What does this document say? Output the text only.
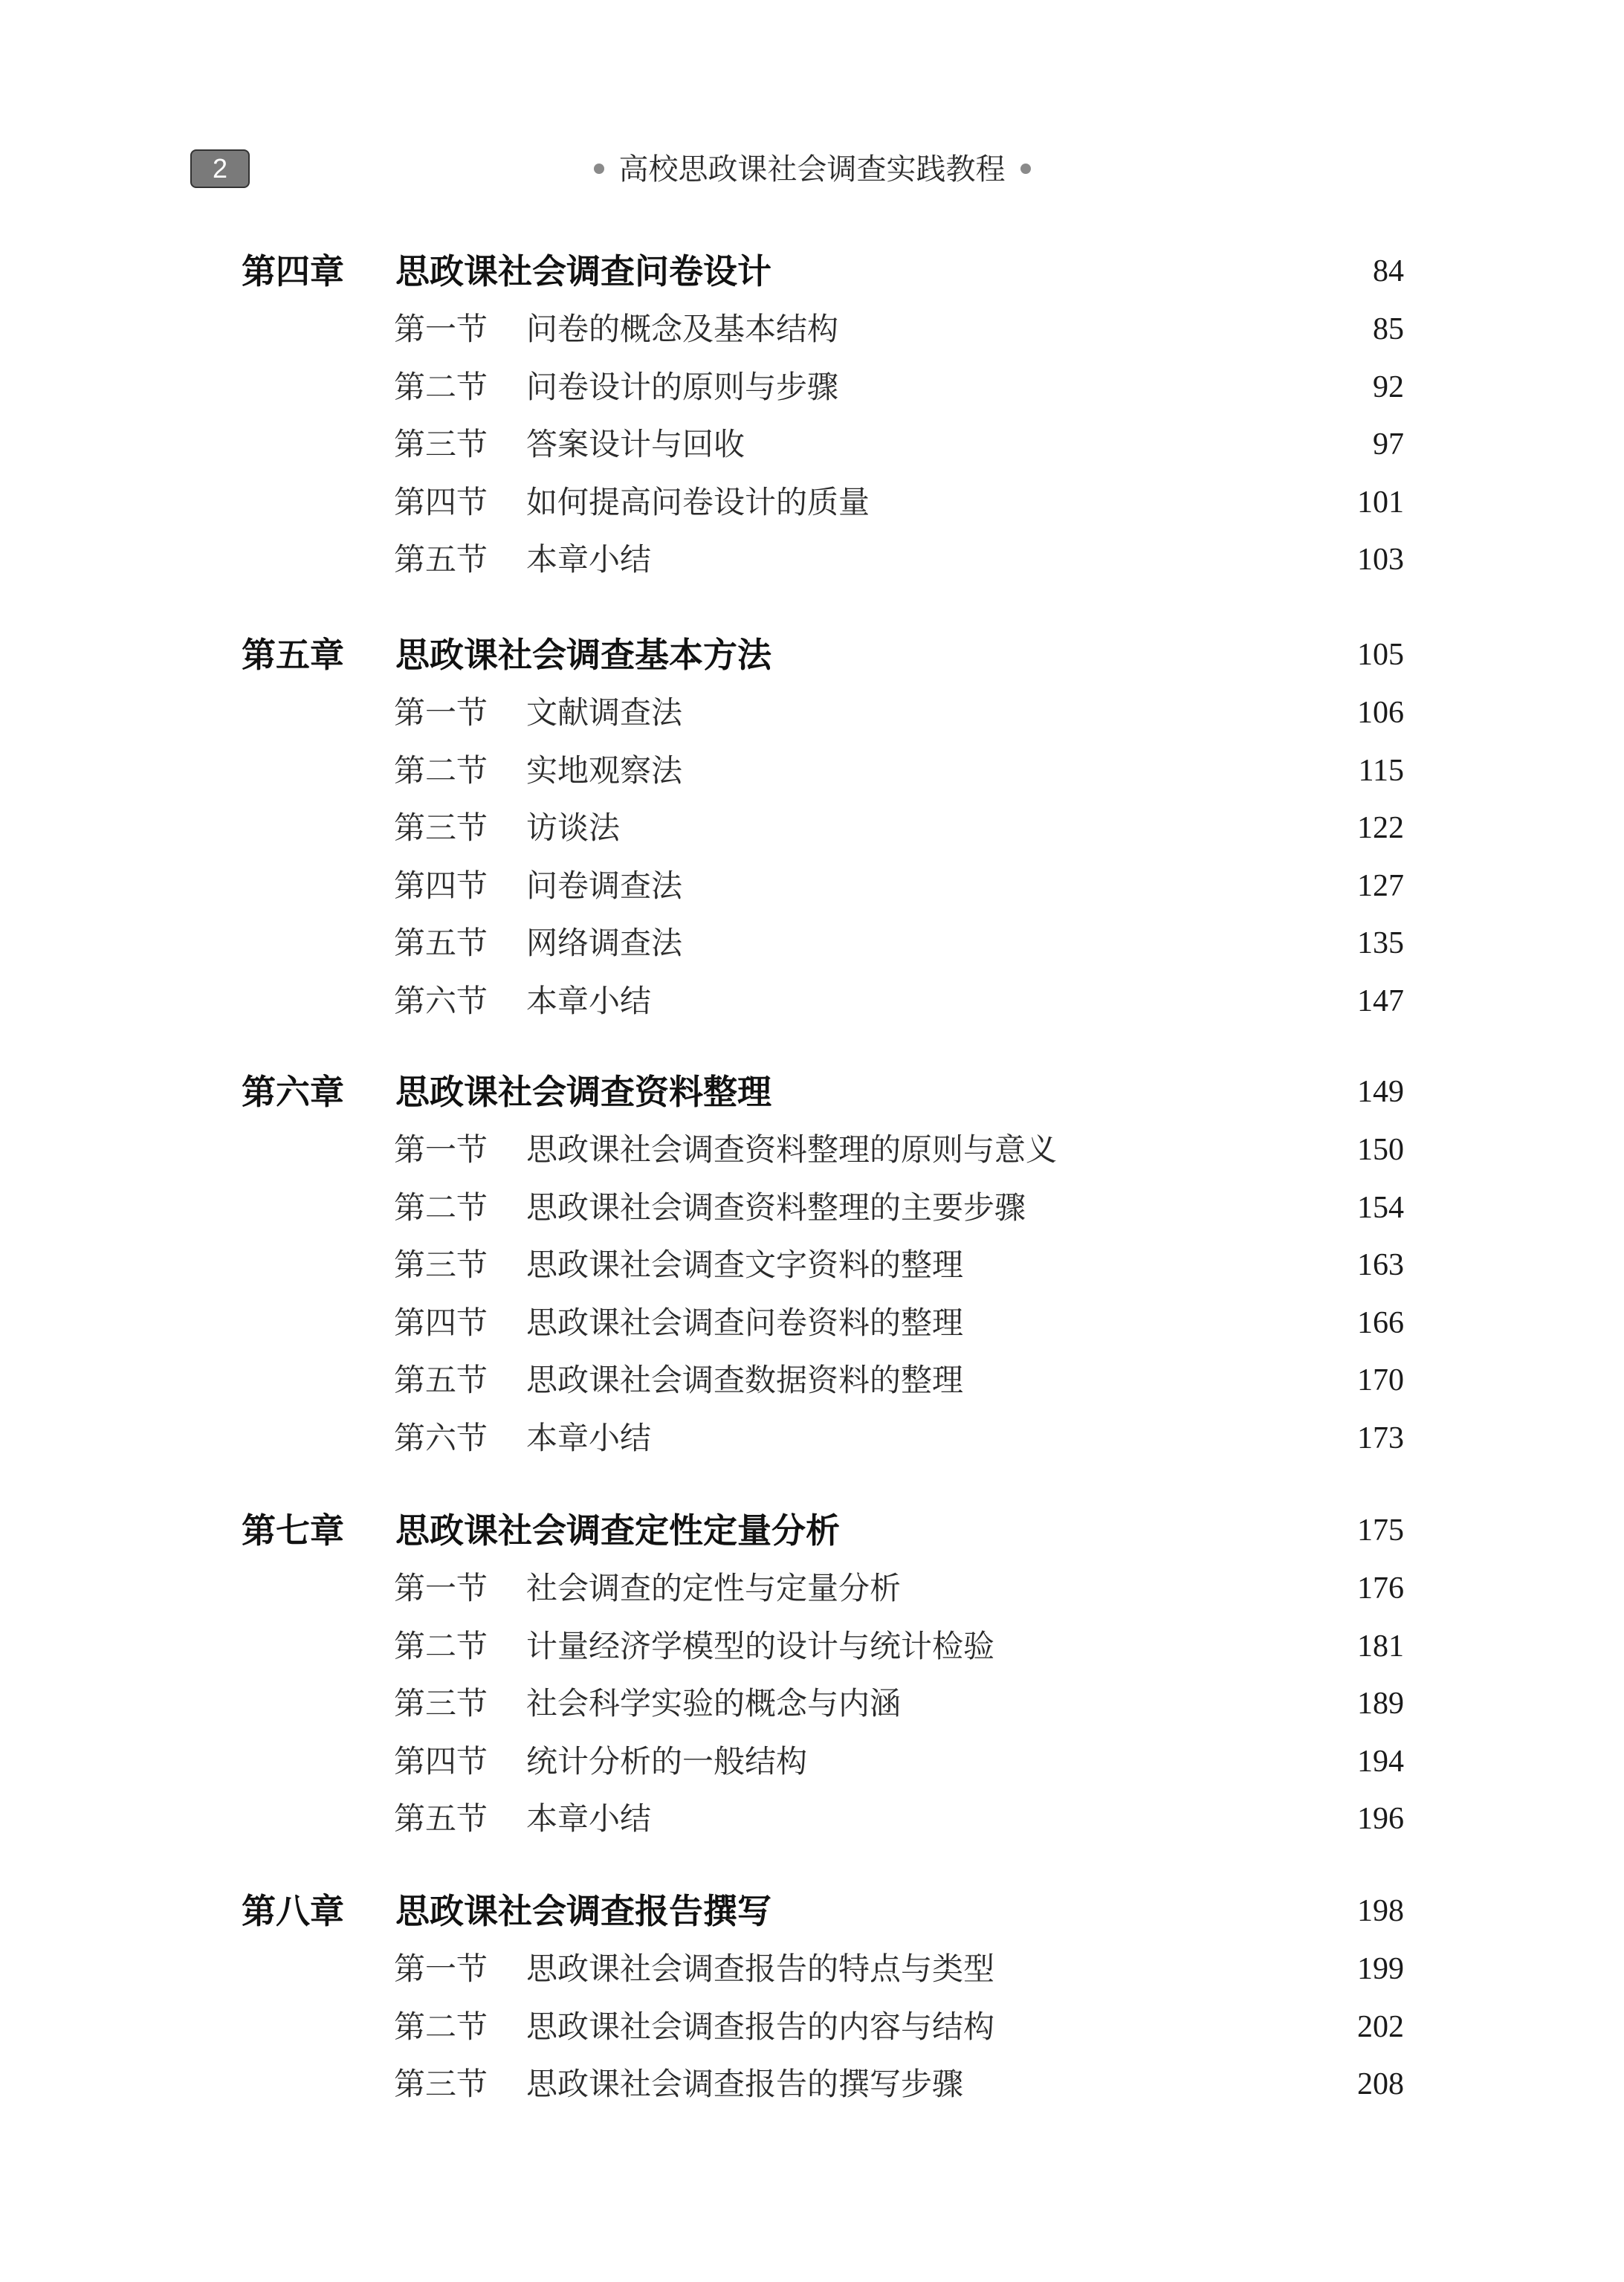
2	高校思政课社会调查实践教程
第四章 思政课社会调查问卷设计	84
第一节 问卷的概念及基本结构	85
第二节 问卷设计的原则与步骤	92
第三节 答案设计与回收	97
第四节 如何提高问卷设计的质量	101
第五节 本章小结	103
第五章 思政课社会调查基本方法	105
第一节 文献调查法	106
第二节 实地观察法	115
第三节 访谈法	122
第四节 问卷调查法	127
第五节 网络调查法	135
第六节 本章小结	147
第六章 思政课社会调查资料整理	149
第一节 思政课社会调查资料整理的原则与意义	150
第二节 思政课社会调查资料整理的主要步骤	154
第三节 思政课社会调查文字资料的整理	163
第四节 思政课社会调查问卷资料的整理	166
第五节 思政课社会调查数据资料的整理	170
第六节 本章小结	173
第七章 思政课社会调查定性定量分析	175
第一节 社会调查的定性与定量分析	176
第二节 计量经济学模型的设计与统计检验	181
第三节 社会科学实验的概念与内涵	189
第四节 统计分析的一般结构	194
第五节 本章小结	196
第八章 思政课社会调查报告撰写	198
第一节 思政课社会调查报告的特点与类型	199
第二节 思政课社会调查报告的内容与结构	202
第三节 思政课社会调查报告的撰写步骤	208
